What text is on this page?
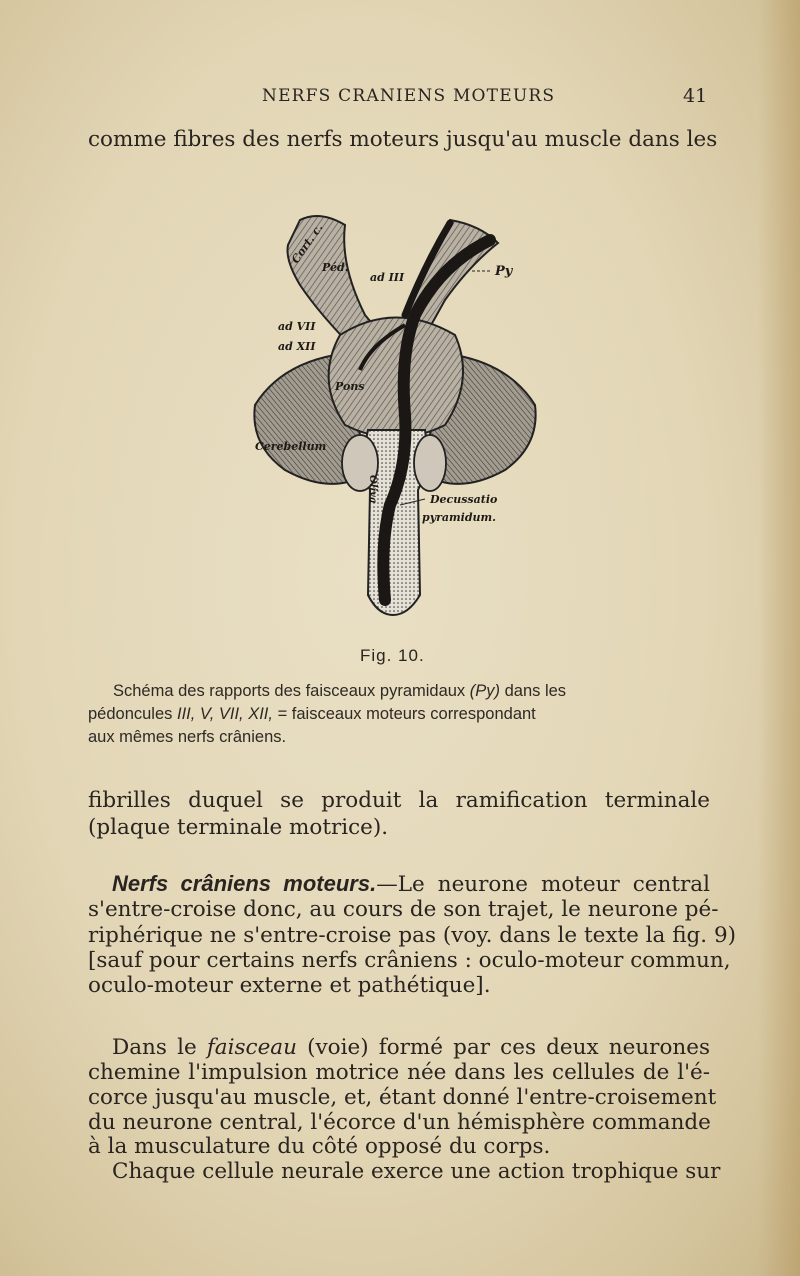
NERFS CRANIENS MOTEURS	41
comme fibres des nerfs moteurs jusqu'au muscle dans les
Cort. c.
Péd.
ad III	Py
ad VII
ad XII
Pons
Cerebellum
Oliva	Decussatio
pyramidum.
Fig. 10.
Schéma des rapports des faisceaux pyramidaux (Py) dans les
pédoncules III, V, VII, XII, = faisceaux moteurs correspondant
aux mêmes nerfs crâniens.
fibrilles duquel se produit la ramification terminale
(plaque terminale motrice).
Nerfs crâniens moteurs.—Le neurone moteur central
s'entre-croise donc, au cours de son trajet, le neurone pé-
riphérique ne s'entre-croise pas (voy. dans le texte la fig. 9)
[sauf pour certains nerfs crâniens : oculo-moteur commun,
oculo-moteur externe et pathétique].
Dans le faisceau (voie) formé par ces deux neurones
chemine l'impulsion motrice née dans les cellules de l'é-
corce jusqu'au muscle, et, étant donné l'entre-croisement
du neurone central, l'écorce d'un hémisphère commande
à la musculature du côté opposé du corps.
Chaque cellule neurale exerce une action trophique sur
